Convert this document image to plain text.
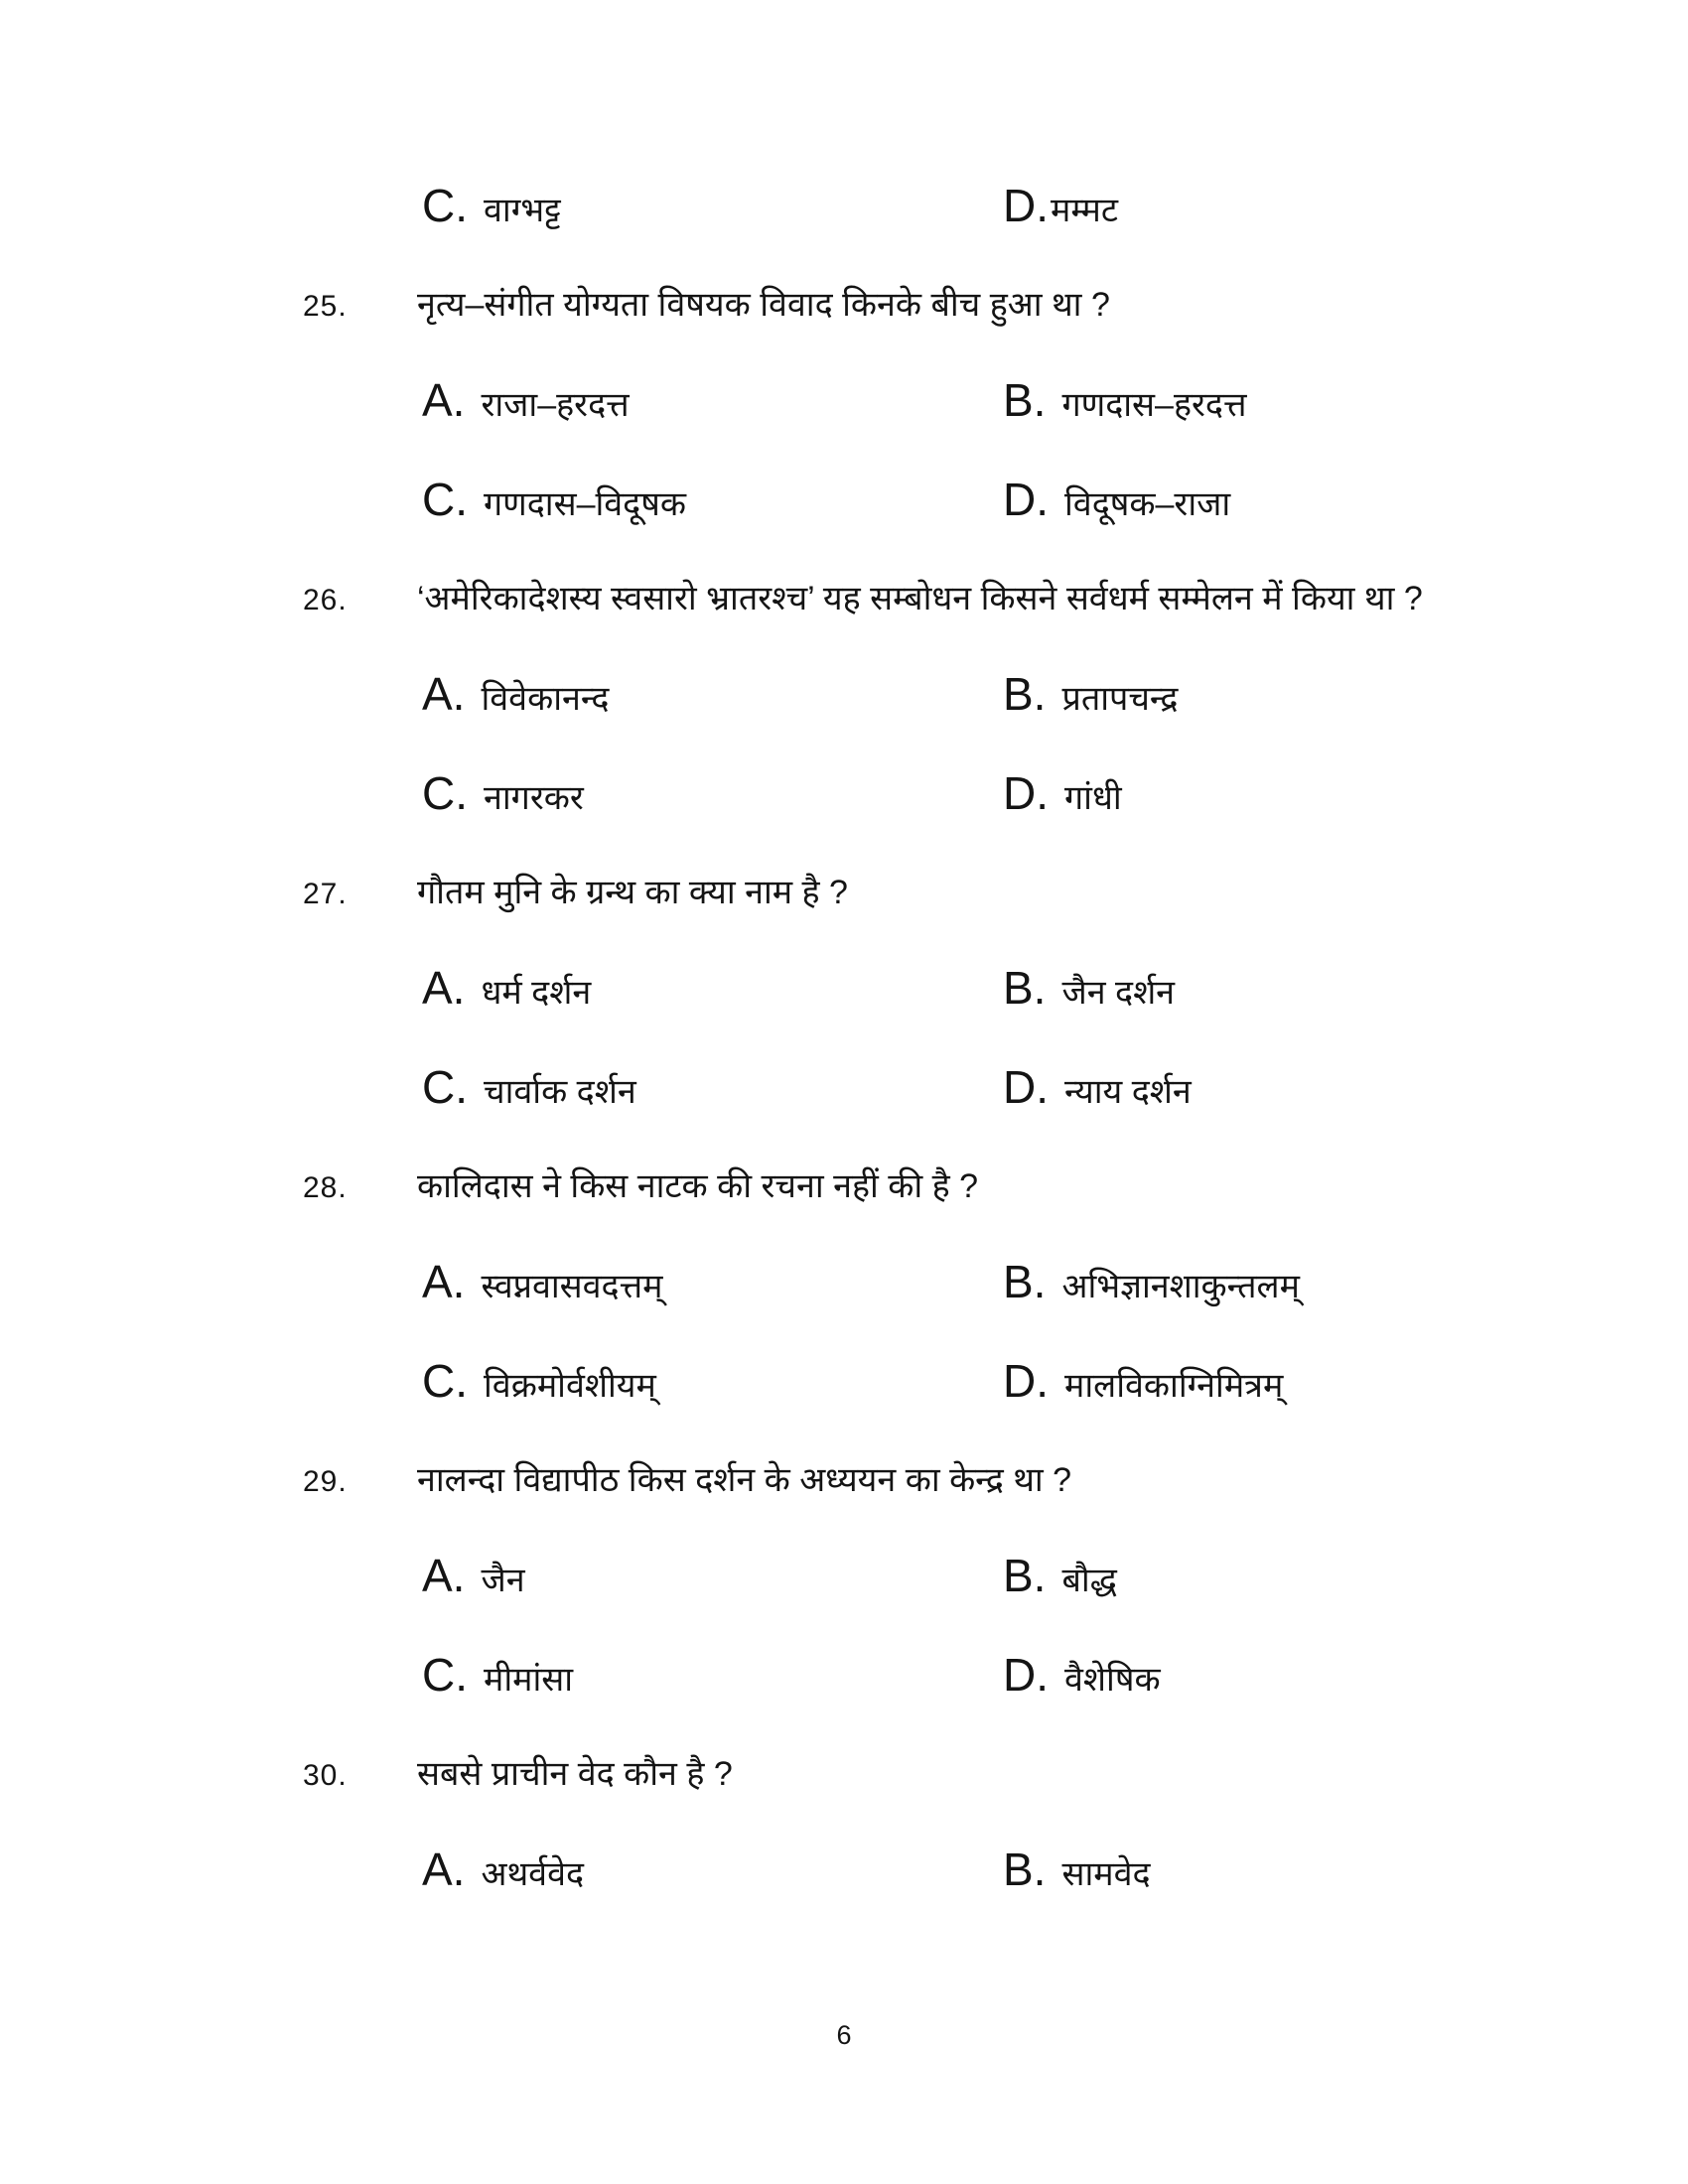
C. वाग्भट्ट	D. मम्मट
25.	नृत्य–संगीत योग्यता विषयक विवाद किनके बीच हुआ था ?
A. राजा–हरदत्त	B. गणदास–हरदत्त
C. गणदास–विदूषक	D. विदूषक–राजा
26.	‘अमेरिकादेशस्य स्वसारो भ्रातरश्च’ यह सम्बोधन किसने सर्वधर्म सम्मेलन में किया था ?
A. विवेकानन्द	B. प्रतापचन्द्र
C. नागरकर	D. गांधी
27.	गौतम मुनि के ग्रन्थ का क्या नाम है ?
A. धर्म दर्शन	B. जैन दर्शन
C. चार्वाक दर्शन	D. न्याय दर्शन
28.	कालिदास ने किस नाटक की रचना नहीं की है ?
A. स्वप्नवासवदत्तम्	B. अभिज्ञानशाकुन्तलम्
C. विक्रमोर्वशीयम्	D. मालविकाग्निमित्रम्
29.	नालन्दा विद्यापीठ किस दर्शन के अध्ययन का केन्द्र था ?
A. जैन	B. बौद्ध
C. मीमांसा	D. वैशेषिक
30.	सबसे प्राचीन वेद कौन है ?
A. अथर्ववेद	B. सामवेद
6
